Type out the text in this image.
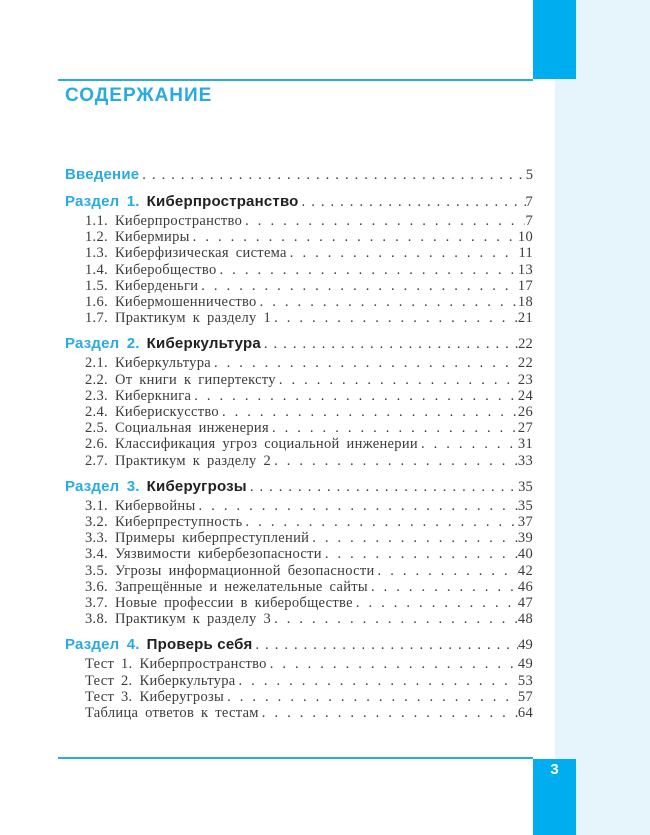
СОДЕРЖАНИЕ
Введение . . .	5
Раздел 1. Киберпространство . . .	7
1.1. Киберпространство . . .	7
1.2. Кибермиры . . .	10
1.3. Киберфизическая система . . .	11
1.4. Киберобщество . . .	13
1.5. Киберденьги . . .	17
1.6. Кибермошенничество . . .	18
1.7. Практикум к разделу 1 . . .	21
Раздел 2. Киберкультура . . .	22
2.1. Киберкультура . . .	22
2.2. От книги к гипертексту . . .	23
2.3. Киберкнига . . .	24
2.4. Киберискусство . . .	26
2.5. Социальная инженерия . . .	27
2.6. Классификация угроз социальной инженерии . . .	31
2.7. Практикум к разделу 2 . . .	33
Раздел 3. Киберугрозы . . .	35
3.1. Кибервойны . . .	35
3.2. Киберпреступность . . .	37
3.3. Примеры киберпреступлений . . .	39
3.4. Уязвимости кибербезопасности . . .	40
3.5. Угрозы информационной безопасности . . .	42
3.6. Запрещённые и нежелательные сайты . . .	46
3.7. Новые профессии в киберобществе . . .	47
3.8. Практикум к разделу 3 . . .	48
Раздел 4. Проверь себя . . .	49
Тест 1. Киберпространство . . .	49
Тест 2. Киберкультура . . .	53
Тест 3. Киберугрозы . . .	57
Таблица ответов к тестам . . .	64
3
